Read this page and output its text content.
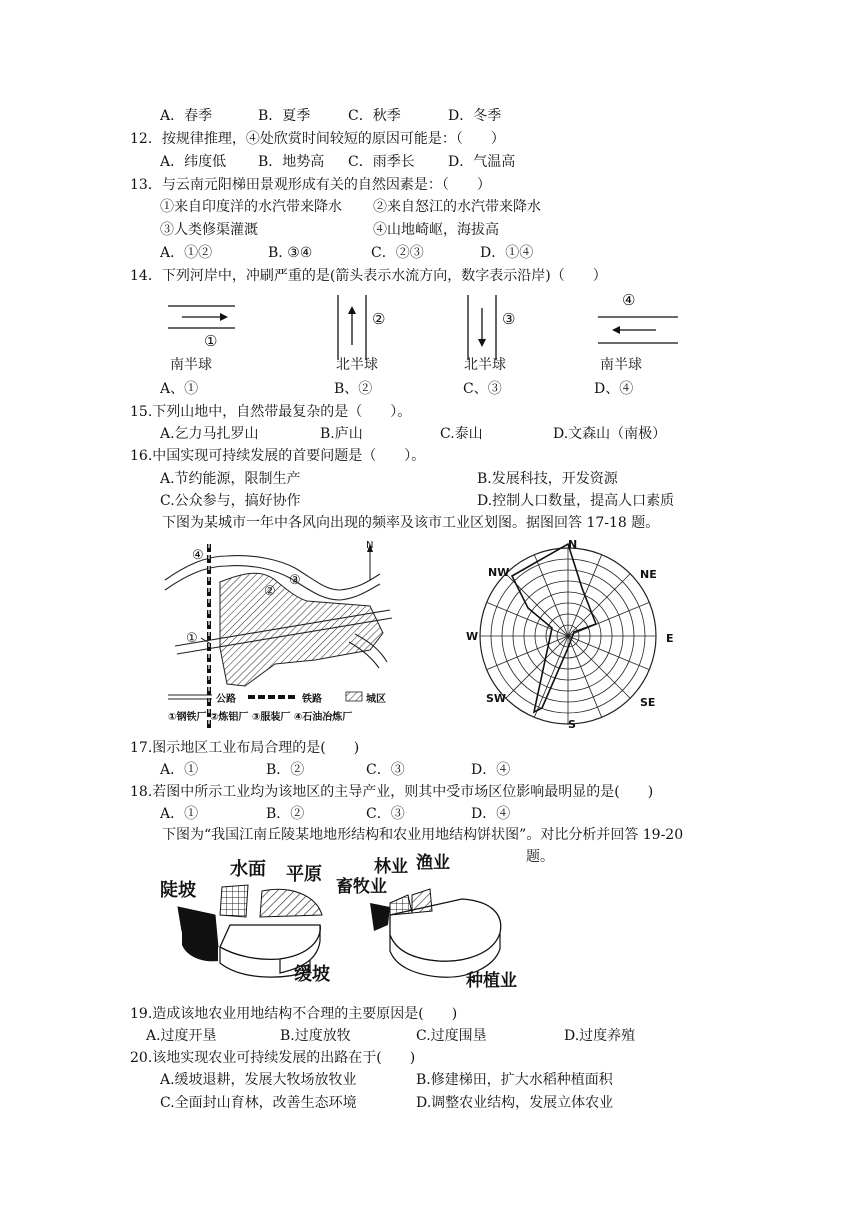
A．春季	B．夏季	C．秋季	D．冬季
12．按规律推理，④处欣赏时间较短的原因可能是：（　　）
A．纬度低 B．地势高 C．雨季长 D．气温高
13．与云南元阳梯田景观形成有关的自然因素是：（　　）
①来自印度洋的水汽带来降水 ②来自怒江的水汽带来降水
③人类修渠灌溉	④山地崎岖，海拔高
A．①②	B. ③④	C．②③	D．①④
14．下列河岸中，冲刷严重的是(箭头表示水流方向，数字表示沿岸)（　　）
①
②	③
④
南半球	北半球	北半球	南半球
A、①	B、②	C、③	D、④
15.下列山地中，自然带最复杂的是（　　）。
A.乞力马扎罗山	B.庐山	C.泰山	D.文森山（南极）
16.中国实现可持续发展的首要问题是（　　）。
A.节约能源，限制生产	B.发展科技，开发资源
C.公众参与，搞好协作	D.控制人口数量，提高人口素质
下图为某城市一年中各风向出现的频率及该市工业区划图。据图回答 17-18 题。
④
①
②
③
N
公路	铁路	城区
①钢铁厂 ②炼铝厂 ③服装厂 ④石油冶炼厂
N
NE
E
SE
S
SW
W
NW
17.图示地区工业布局合理的是(　　)
A．①	B．②	C．③	D．④
18.若图中所示工业均为该地区的主导产业，则其中受市场区位影响最明显的是(　　)
A．①	B．②	C．③	D．④
下图为“我国江南丘陵某地地形结构和农业用地结构饼状图”。对比分析并回答 19-20
题。
陡坡
水面 平原
缓坡
畜牧业
林业 渔业
种植业
19.造成该地农业用地结构不合理的主要原因是(　　)
A.过度开垦	B.过度放牧	C.过度围垦	D.过度养殖
20.该地实现农业可持续发展的出路在于(　　)
A.缓坡退耕，发展大牧场放牧业	B.修建梯田，扩大水稻种植面积
C.全面封山育林，改善生态环境	D.调整农业结构，发展立体农业
